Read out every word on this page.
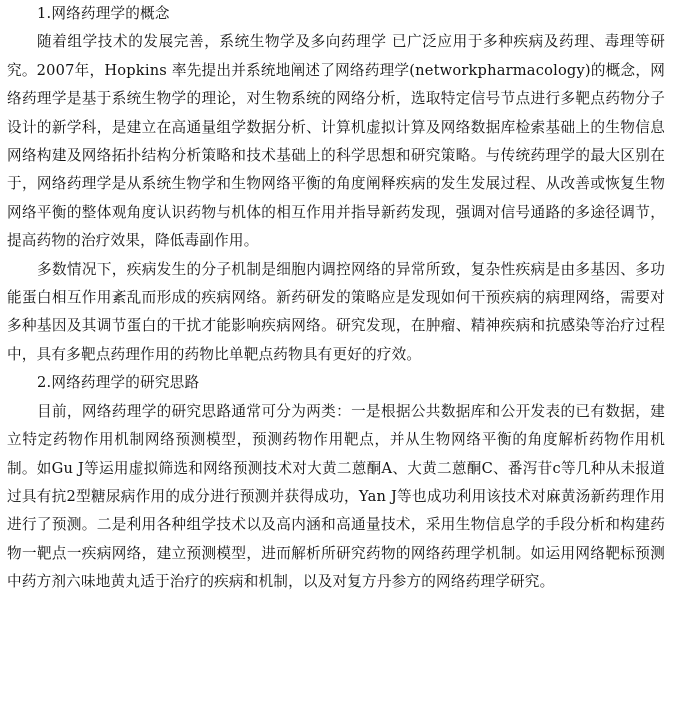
1.网络药理学的概念

随着组学技术的发展完善，系统生物学及多向药理学 已广泛应用于多种疾病及药理、毒理等研究。2007年，Hopkins 率先提出并系统地阐述了网络药理学(networkpharmacology)的概念，网络药理学是基于系统生物学的理论，对生物系统的网络分析，选取特定信号节点进行多靶点药物分子设计的新学科，是建立在高通量组学数据分析、计算机虚拟计算及网络数据库检索基础上的生物信息网络构建及网络拓扑结构分析策略和技术基础上的科学思想和研究策略。与传统药理学的最大区别在于，网络药理学是从系统生物学和生物网络平衡的角度阐释疾病的发生发展过程、从改善或恢复生物网络平衡的整体观角度认识药物与机体的相互作用并指导新药发现，强调对信号通路的多途径调节，提高药物的治疗效果，降低毒副作用。

多数情况下，疾病发生的分子机制是细胞内调控网络的异常所致，复杂性疾病是由多基因、多功能蛋白相互作用紊乱而形成的疾病网络。新药研发的策略应是发现如何干预疾病的病理网络，需要对多种基因及其调节蛋白的干扰才能影响疾病网络。研究发现，在肿瘤、精神疾病和抗感染等治疗过程中，具有多靶点药理作用的药物比单靶点药物具有更好的疗效。

2.网络药理学的研究思路

目前，网络药理学的研究思路通常可分为两类：一是根据公共数据库和公开发表的已有数据，建立特定药物作用机制网络预测模型，预测药物作用靶点，并从生物网络平衡的角度解析药物作用机制。如Gu J等运用虚拟筛选和网络预测技术对大黄二蒽酮A、大黄二蒽酮C、番泻苷c等几种从未报道过具有抗2型糖尿病作用的成分进行预测并获得成功，Yan J等也成功利用该技术对麻黄汤新药理作用进行了预测。二是利用各种组学技术以及高内涵和高通量技术，采用生物信息学的手段分析和构建药物一靶点一疾病网络，建立预测模型，进而解析所研究药物的网络药理学机制。如运用网络靶标预测中药方剂六味地黄丸适于治疗的疾病和机制，以及对复方丹参方的网络药理学研究。
